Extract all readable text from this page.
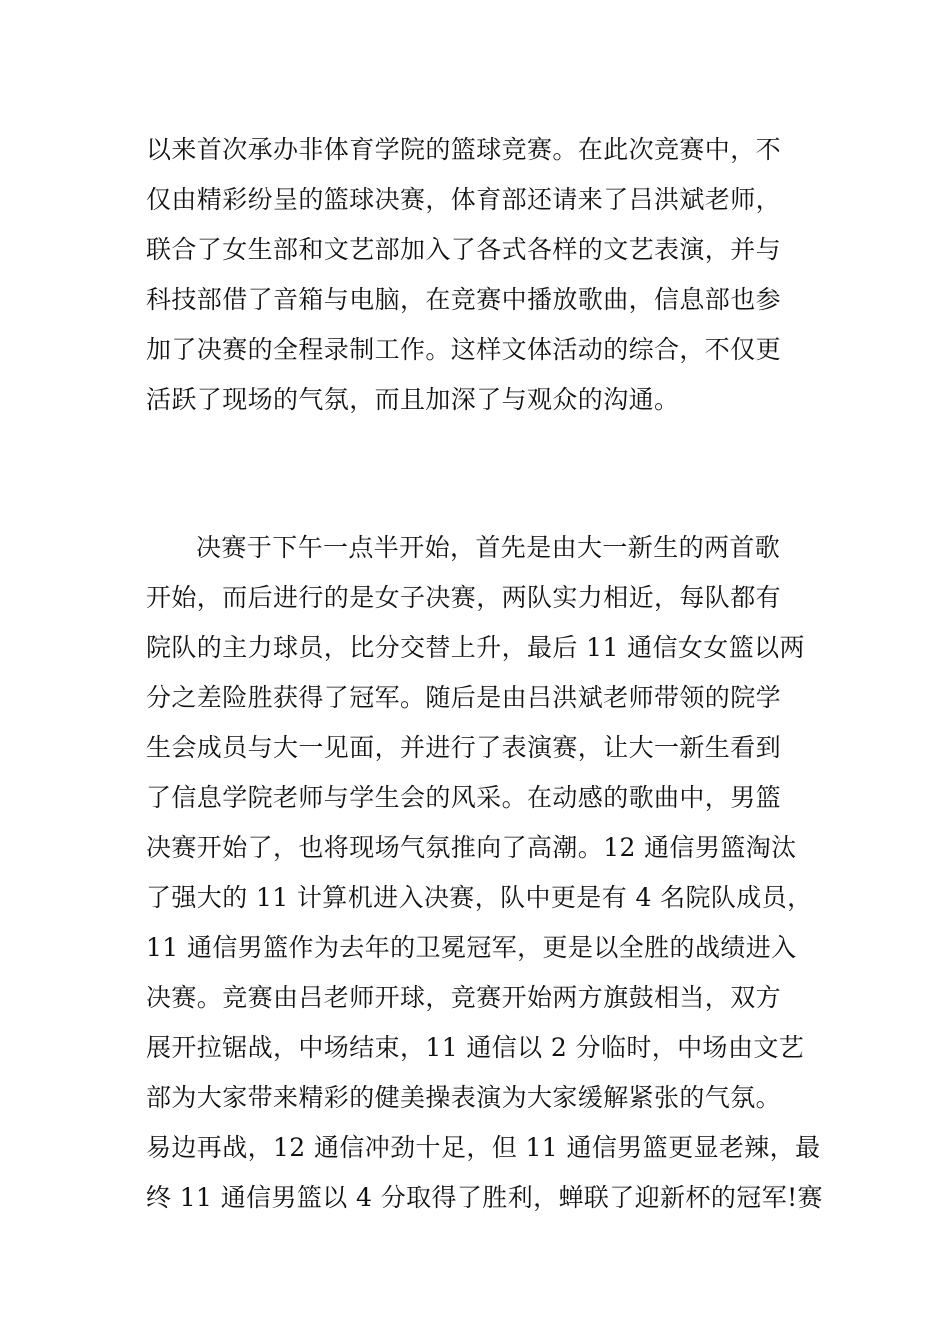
以来首次承办非体育学院的篮球竞赛。在此次竞赛中，不
仅由精彩纷呈的篮球决赛，体育部还请来了吕洪斌老师，
联合了女生部和文艺部加入了各式各样的文艺表演，并与
科技部借了音箱与电脑，在竞赛中播放歌曲，信息部也参
加了决赛的全程录制工作。这样文体活动的综合，不仅更
活跃了现场的气氛，而且加深了与观众的沟通。
决赛于下午一点半开始，首先是由大一新生的两首歌
开始，而后进行的是女子决赛，两队实力相近，每队都有
院队的主力球员，比分交替上升，最后 11 通信女女篮以两
分之差险胜获得了冠军。随后是由吕洪斌老师带领的院学
生会成员与大一见面，并进行了表演赛，让大一新生看到
了信息学院老师与学生会的风采。在动感的歌曲中，男篮
决赛开始了，也将现场气氛推向了高潮。12 通信男篮淘汰
了强大的 11 计算机进入决赛，队中更是有 4 名院队成员，
11 通信男篮作为去年的卫冕冠军，更是以全胜的战绩进入
决赛。竞赛由吕老师开球，竞赛开始两方旗鼓相当，双方
展开拉锯战，中场结束，11 通信以 2 分临时，中场由文艺
部为大家带来精彩的健美操表演为大家缓解紧张的气氛。
易边再战，12 通信冲劲十足，但 11 通信男篮更显老辣，最
终 11 通信男篮以 4 分取得了胜利，蝉联了迎新杯的冠军!赛
